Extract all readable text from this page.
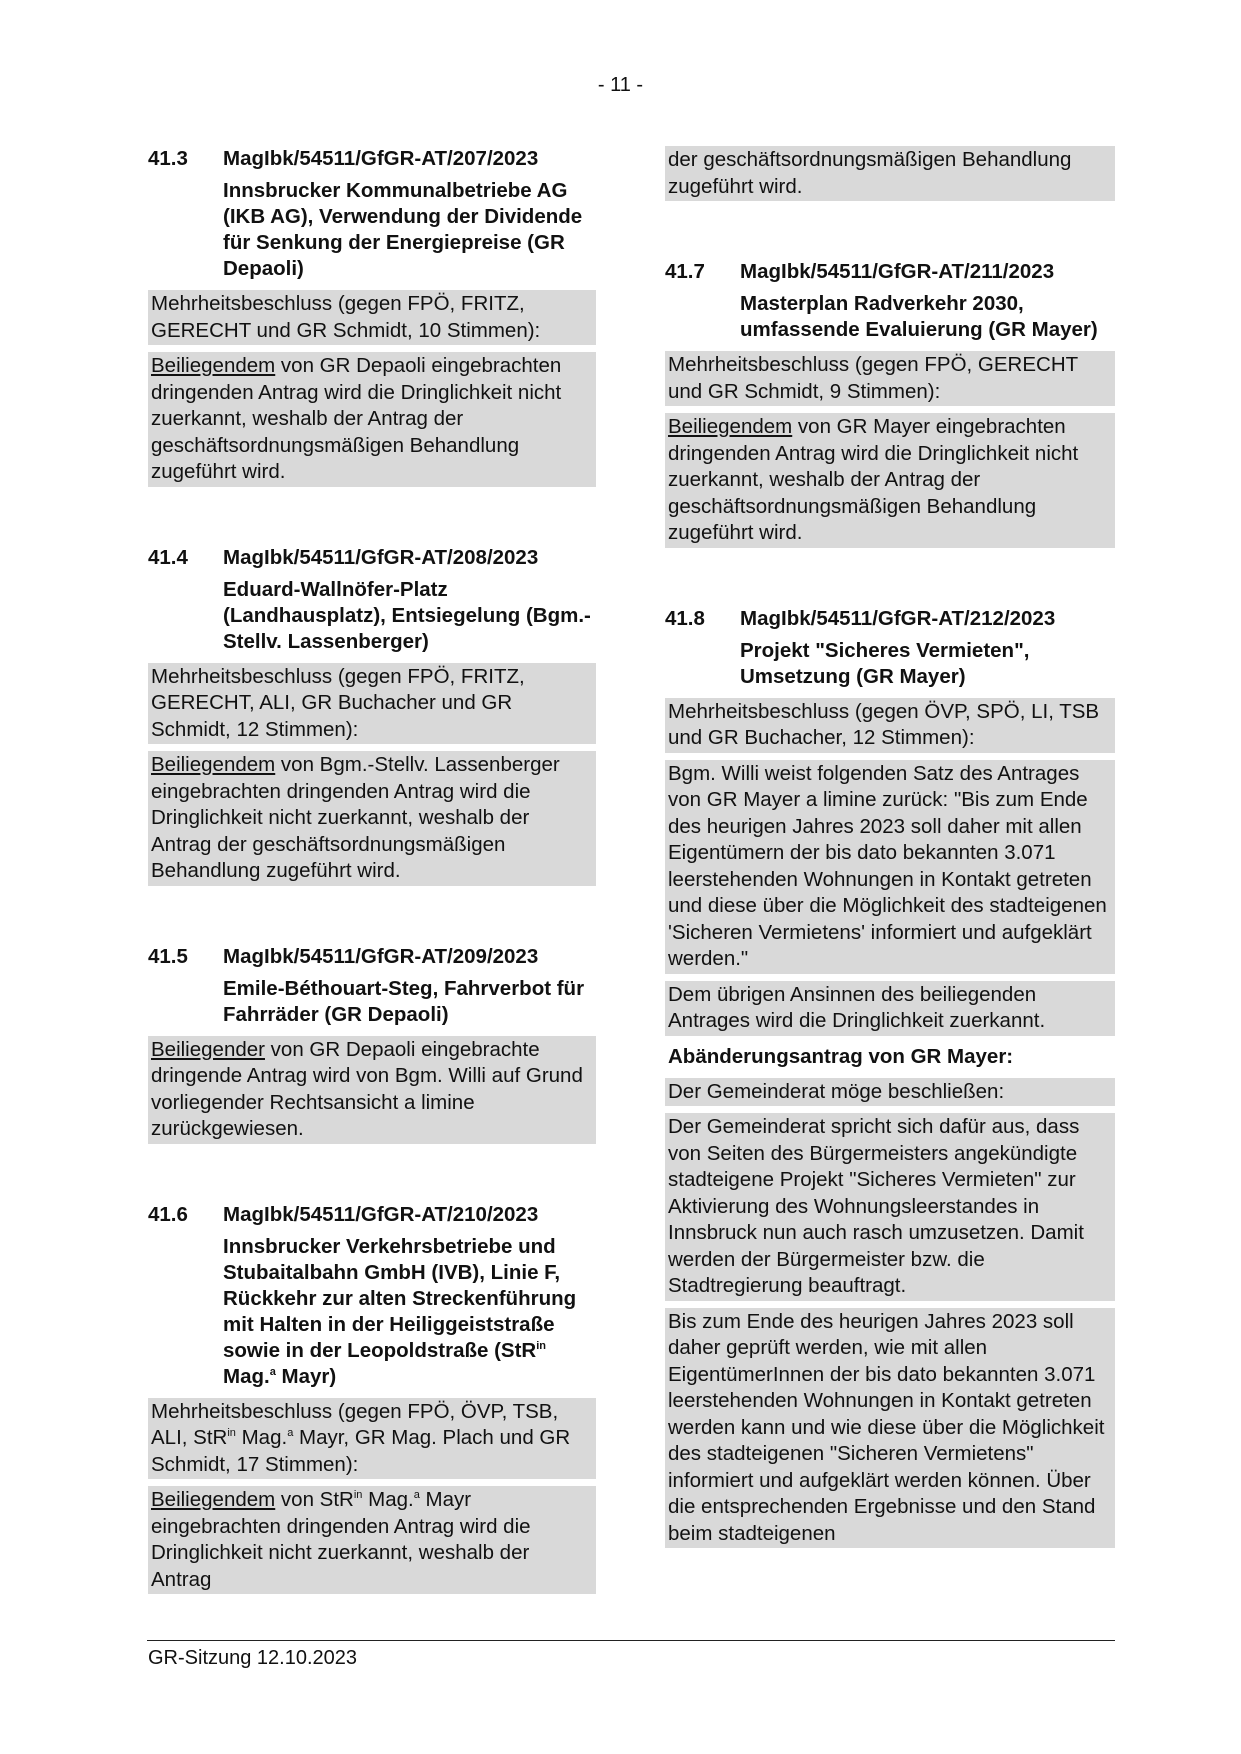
- 11 -
41.3	MagIbk/54511/GfGR-AT/207/2023
Innsbrucker Kommunalbetriebe AG (IKB AG), Verwendung der Dividende für Senkung der Energiepreise (GR Depaoli)

Mehrheitsbeschluss (gegen FPÖ, FRITZ, GERECHT und GR Schmidt, 10 Stimmen):

Beiliegendem von GR Depaoli eingebrachten dringenden Antrag wird die Dringlichkeit nicht zuerkannt, weshalb der Antrag der geschäftsordnungsmäßigen Behandlung zugeführt wird.

41.4	MagIbk/54511/GfGR-AT/208/2023
Eduard-Wallnöfer-Platz (Landhausplatz), Entsiegelung (Bgm.-Stellv. Lassenberger)

Mehrheitsbeschluss (gegen FPÖ, FRITZ, GERECHT, ALI, GR Buchacher und GR Schmidt, 12 Stimmen):

Beiliegendem von Bgm.-Stellv. Lassenberger eingebrachten dringenden Antrag wird die Dringlichkeit nicht zuerkannt, weshalb der Antrag der geschäftsordnungsmäßigen Behandlung zugeführt wird.

41.5	MagIbk/54511/GfGR-AT/209/2023
Emile-Béthouart-Steg, Fahrverbot für Fahrräder (GR Depaoli)

Beiliegender von GR Depaoli eingebrachte dringende Antrag wird von Bgm. Willi auf Grund vorliegender Rechtsansicht a limine zurückgewiesen.

41.6	MagIbk/54511/GfGR-AT/210/2023
Innsbrucker Verkehrsbetriebe und Stubaitalbahn GmbH (IVB), Linie F, Rückkehr zur alten Streckenführung mit Halten in der Heiliggeiststraße sowie in der Leopoldstraße (StR$^{in}$ Mag.$^a$ Mayr)

Mehrheitsbeschluss (gegen FPÖ, ÖVP, TSB, ALI, StR$^{in}$ Mag.$^a$ Mayr, GR Mag. Plach und GR Schmidt, 17 Stimmen):

Beiliegendem von StR$^{in}$ Mag.$^a$ Mayr eingebrachten dringenden Antrag wird die Dringlichkeit nicht zuerkannt, weshalb der Antrag

der geschäftsordnungsmäßigen Behandlung zugeführt wird.

41.7	MagIbk/54511/GfGR-AT/211/2023
Masterplan Radverkehr 2030, umfassende Evaluierung (GR Mayer)

Mehrheitsbeschluss (gegen FPÖ, GERECHT und GR Schmidt, 9 Stimmen):

Beiliegendem von GR Mayer eingebrachten dringenden Antrag wird die Dringlichkeit nicht zuerkannt, weshalb der Antrag der geschäftsordnungsmäßigen Behandlung zugeführt wird.

41.8	MagIbk/54511/GfGR-AT/212/2023
Projekt "Sicheres Vermieten", Umsetzung (GR Mayer)

Mehrheitsbeschluss (gegen ÖVP, SPÖ, LI, TSB und GR Buchacher, 12 Stimmen):

Bgm. Willi weist folgenden Satz des Antrages von GR Mayer a limine zurück: "Bis zum Ende des heurigen Jahres 2023 soll daher mit allen Eigentümern der bis dato bekannten 3.071 leerstehenden Wohnungen in Kontakt getreten und diese über die Möglichkeit des stadteigenen 'Sicheren Vermietens' informiert und aufgeklärt werden."

Dem übrigen Ansinnen des beiliegenden Antrages wird die Dringlichkeit zuerkannt.

Abänderungsantrag von GR Mayer:

Der Gemeinderat möge beschließen:

Der Gemeinderat spricht sich dafür aus, dass von Seiten des Bürgermeisters angekündigte stadteigene Projekt "Sicheres Vermieten" zur Aktivierung des Wohnungsleerstandes in Innsbruck nun auch rasch umzusetzen. Damit werden der Bürgermeister bzw. die Stadtregierung beauftragt.

Bis zum Ende des heurigen Jahres 2023 soll daher geprüft werden, wie mit allen EigentümerInnen der bis dato bekannten 3.071 leerstehenden Wohnungen in Kontakt getreten werden kann und wie diese über die Möglichkeit des stadteigenen "Sicheren Vermietens" informiert und aufgeklärt werden können. Über die entsprechenden Ergebnisse und den Stand beim stadteigenen

GR-Sitzung 12.10.2023
